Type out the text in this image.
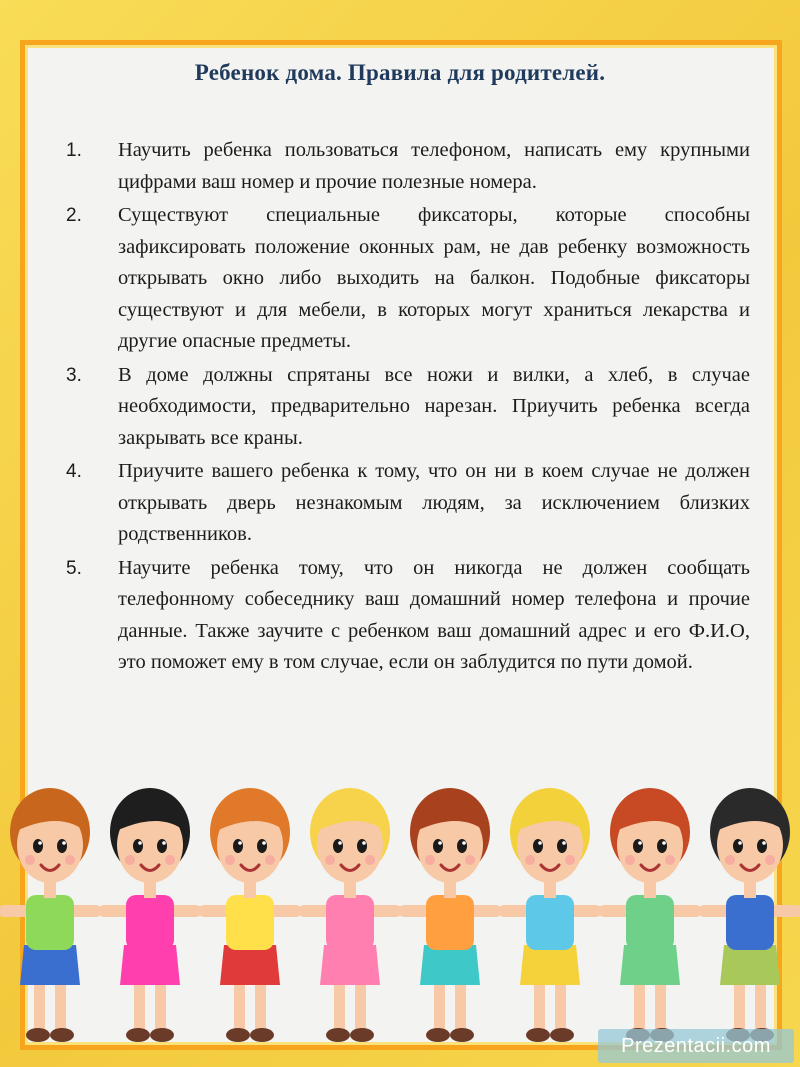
Ребенок дома. Правила для родителей.
1. Научить ребенка пользоваться телефоном, написать ему крупными цифрами ваш номер и прочие полезные номера.
2. Существуют специальные фиксаторы, которые способны зафиксировать положение оконных рам, не дав ребенку возможность открывать окно либо выходить на балкон. Подобные фиксаторы существуют и для мебели, в которых могут храниться лекарства и другие опасные предметы.
3. В доме должны спрятаны все ножи и вилки, а хлеб, в случае необходимости, предварительно нарезан. Приучить ребенка всегда закрывать все краны.
4. Приучите вашего ребенка к тому, что он ни в коем случае не должен открывать дверь незнакомым людям, за исключением близких родственников.
5. Научите ребенка тому, что он никогда не должен сообщать телефонному собеседнику ваш домашний номер телефона и прочие данные. Также заучите с ребенком ваш домашний адрес и его Ф.И.О, это поможет ему в том случае, если он заблудится по пути домой.
Prezentacii.com
